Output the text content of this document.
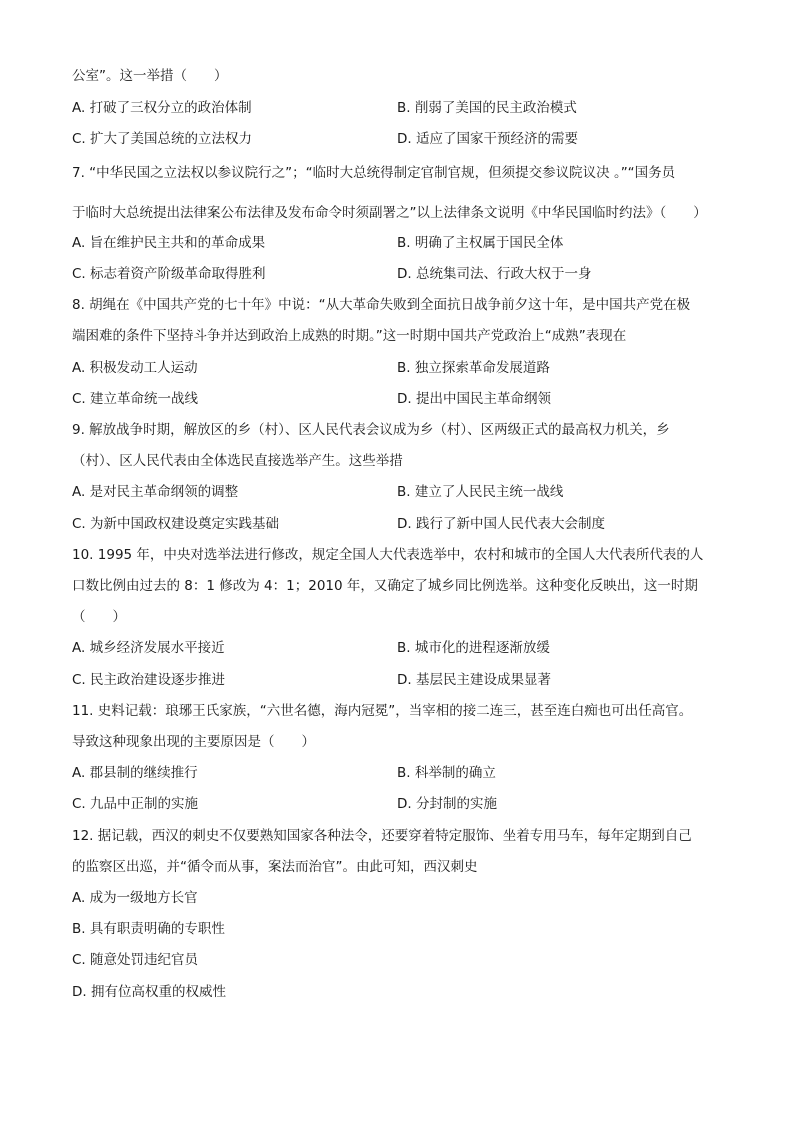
公室”。这一举措（　　）
A. 打破了三权分立的政治体制	B. 削弱了美国的民主政治模式
C. 扩大了美国总统的立法权力	D. 适应了国家干预经济的需要
7. “中华民国之立法权以参议院行之”；“临时大总统得制定官制官规，但须提交参议院议决 。”“国务员
于临时大总统提出法律案公布法律及发布命令时须副署之”以上法律条文说明《中华民国临时约法》（　　）
A. 旨在维护民主共和的革命成果	B. 明确了主权属于国民全体
C. 标志着资产阶级革命取得胜利	D. 总统集司法、行政大权于一身
8. 胡绳在《中国共产党的七十年》中说：“从大革命失败到全面抗日战争前夕这十年，是中国共产党在极
端困难的条件下坚持斗争并达到政治上成熟的时期。”这一时期中国共产党政治上“成熟”表现在
A. 积极发动工人运动	B. 独立探索革命发展道路
C. 建立革命统一战线	D. 提出中国民主革命纲领
9. 解放战争时期，解放区的乡（村）、区人民代表会议成为乡（村）、区两级正式的最高权力机关，乡
（村）、区人民代表由全体选民直接选举产生。这些举措
A. 是对民主革命纲领的调整	B. 建立了人民民主统一战线
C. 为新中国政权建设奠定实践基础	D. 践行了新中国人民代表大会制度
10. 1995 年，中央对选举法进行修改，规定全国人大代表选举中，农村和城市的全国人大代表所代表的人
口数比例由过去的 8：1 修改为 4：1；2010 年，又确定了城乡同比例选举。这种变化反映出，这一时期
（　　）
A. 城乡经济发展水平接近	B. 城市化的进程逐渐放缓
C. 民主政治建设逐步推进	D. 基层民主建设成果显著
11. 史料记载：琅琊王氏家族，“六世名德，海内冠冕”，当宰相的接二连三，甚至连白痴也可出任高官。
导致这种现象出现的主要原因是（　　）
A. 郡县制的继续推行	B. 科举制的确立
C. 九品中正制的实施	D. 分封制的实施
12. 据记载，西汉的刺史不仅要熟知国家各种法令，还要穿着特定服饰、坐着专用马车，每年定期到自己
的监察区出巡，并“循令而从事，案法而治官”。由此可知，西汉刺史
A. 成为一级地方长官
B. 具有职责明确的专职性
C. 随意处罚违纪官员
D. 拥有位高权重的权威性
